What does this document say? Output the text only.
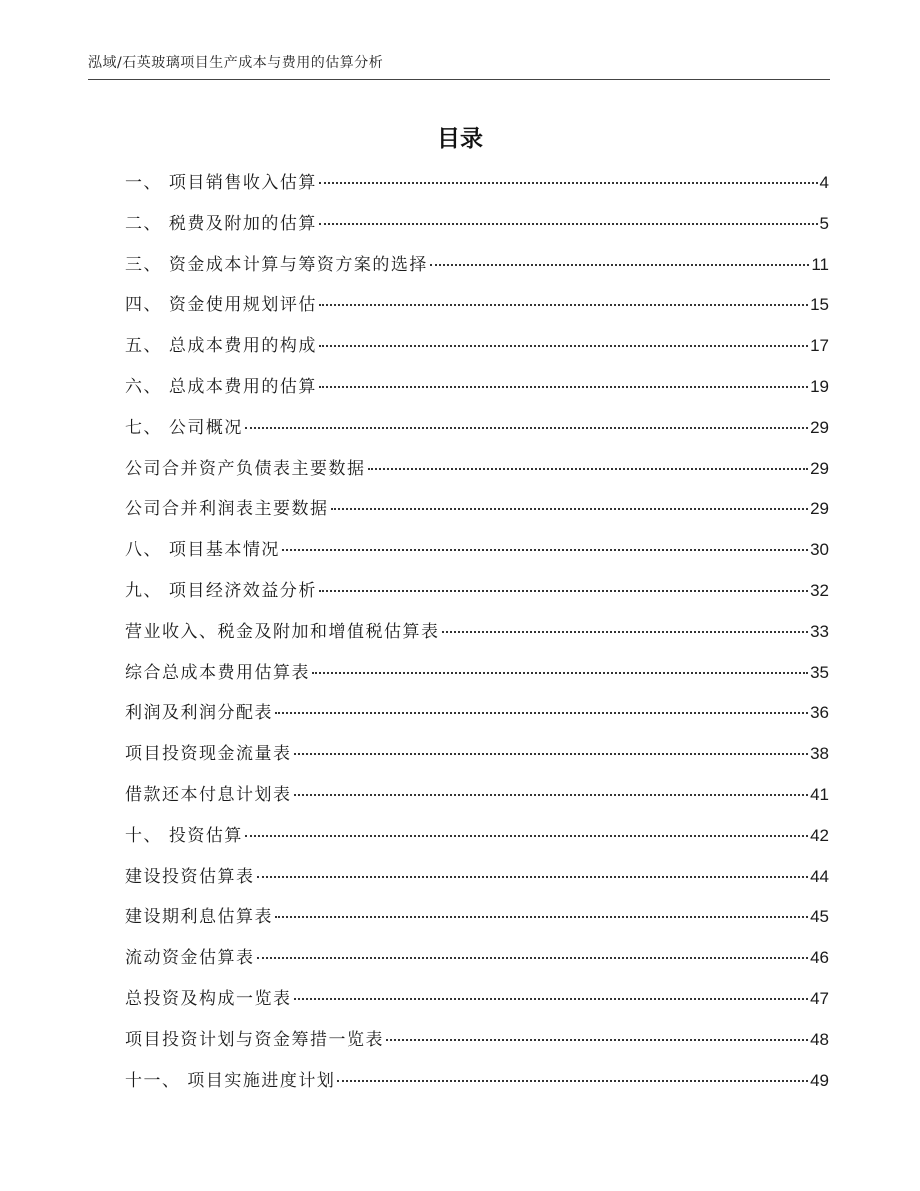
泓域/石英玻璃项目生产成本与费用的估算分析
目录
一、 项目销售收入估算	4
二、 税费及附加的估算	5
三、 资金成本计算与筹资方案的选择	11
四、 资金使用规划评估	15
五、 总成本费用的构成	17
六、 总成本费用的估算	19
七、 公司概况	29
公司合并资产负债表主要数据	29
公司合并利润表主要数据	29
八、 项目基本情况	30
九、 项目经济效益分析	32
营业收入、税金及附加和增值税估算表	33
综合总成本费用估算表	35
利润及利润分配表	36
项目投资现金流量表	38
借款还本付息计划表	41
十、 投资估算	42
建设投资估算表	44
建设期利息估算表	45
流动资金估算表	46
总投资及构成一览表	47
项目投资计划与资金筹措一览表	48
十一、 项目实施进度计划	49
